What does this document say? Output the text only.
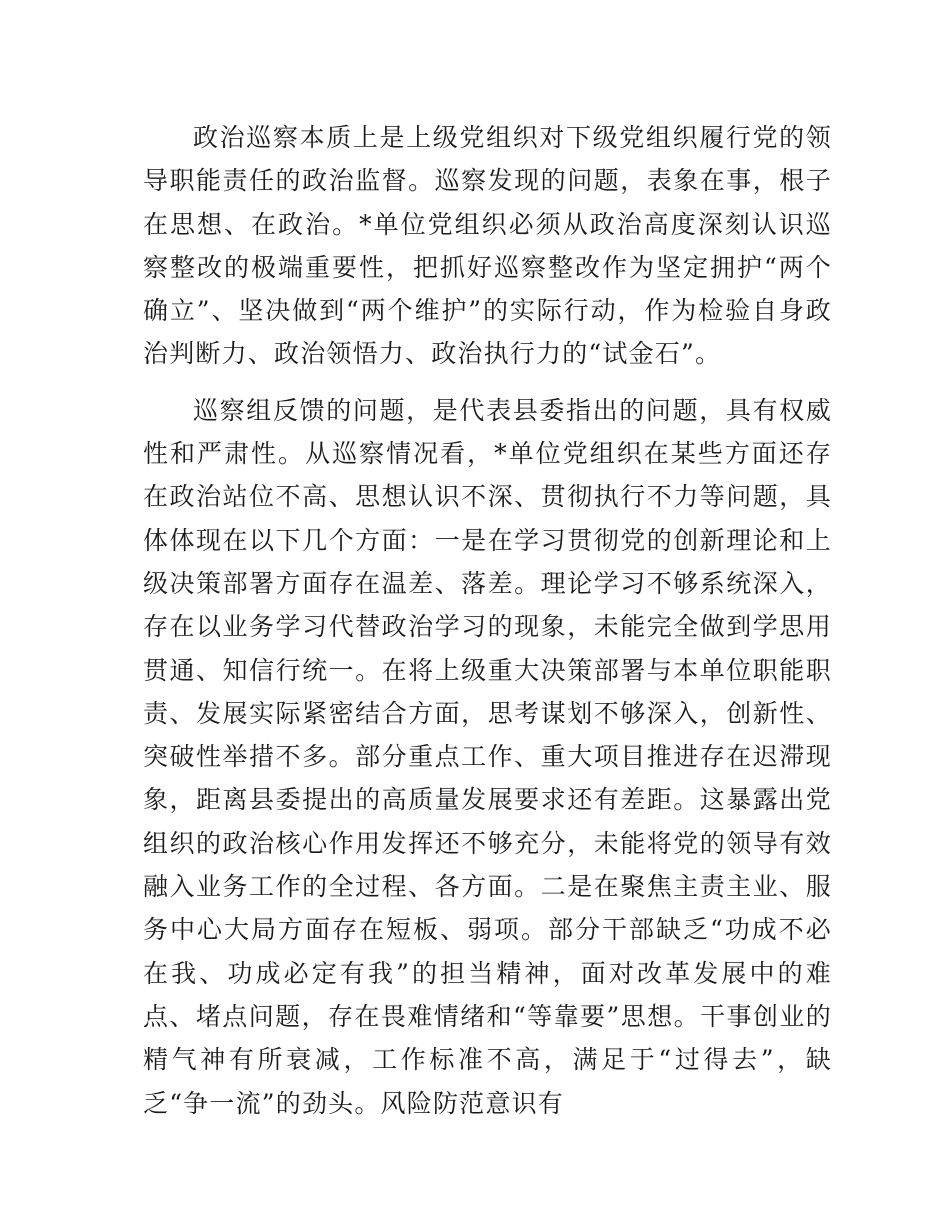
政治巡察本质上是上级党组织对下级党组织履行党的领导职能责任的政治监督。巡察发现的问题，表象在事，根子在思想、在政治。*单位党组织必须从政治高度深刻认识巡察整改的极端重要性，把抓好巡察整改作为坚定拥护“两个确立”、坚决做到“两个维护”的实际行动，作为检验自身政治判断力、政治领悟力、政治执行力的“试金石”。

巡察组反馈的问题，是代表县委指出的问题，具有权威性和严肃性。从巡察情况看，*单位党组织在某些方面还存在政治站位不高、思想认识不深、贯彻执行不力等问题，具体体现在以下几个方面：一是在学习贯彻党的创新理论和上级决策部署方面存在温差、落差。理论学习不够系统深入，存在以业务学习代替政治学习的现象，未能完全做到学思用贯通、知信行统一。在将上级重大决策部署与本单位职能职责、发展实际紧密结合方面，思考谋划不够深入，创新性、突破性举措不多。部分重点工作、重大项目推进存在迟滞现象，距离县委提出的高质量发展要求还有差距。这暴露出党组织的政治核心作用发挥还不够充分，未能将党的领导有效融入业务工作的全过程、各方面。二是在聚焦主责主业、服务中心大局方面存在短板、弱项。部分干部缺乏“功成不必在我、功成必定有我”的担当精神，面对改革发展中的难点、堵点问题，存在畏难情绪和“等靠要”思想。干事创业的精气神有所衰减，工作标准不高，满足于“过得去”，缺乏“争一流”的劲头。风险防范意识有
